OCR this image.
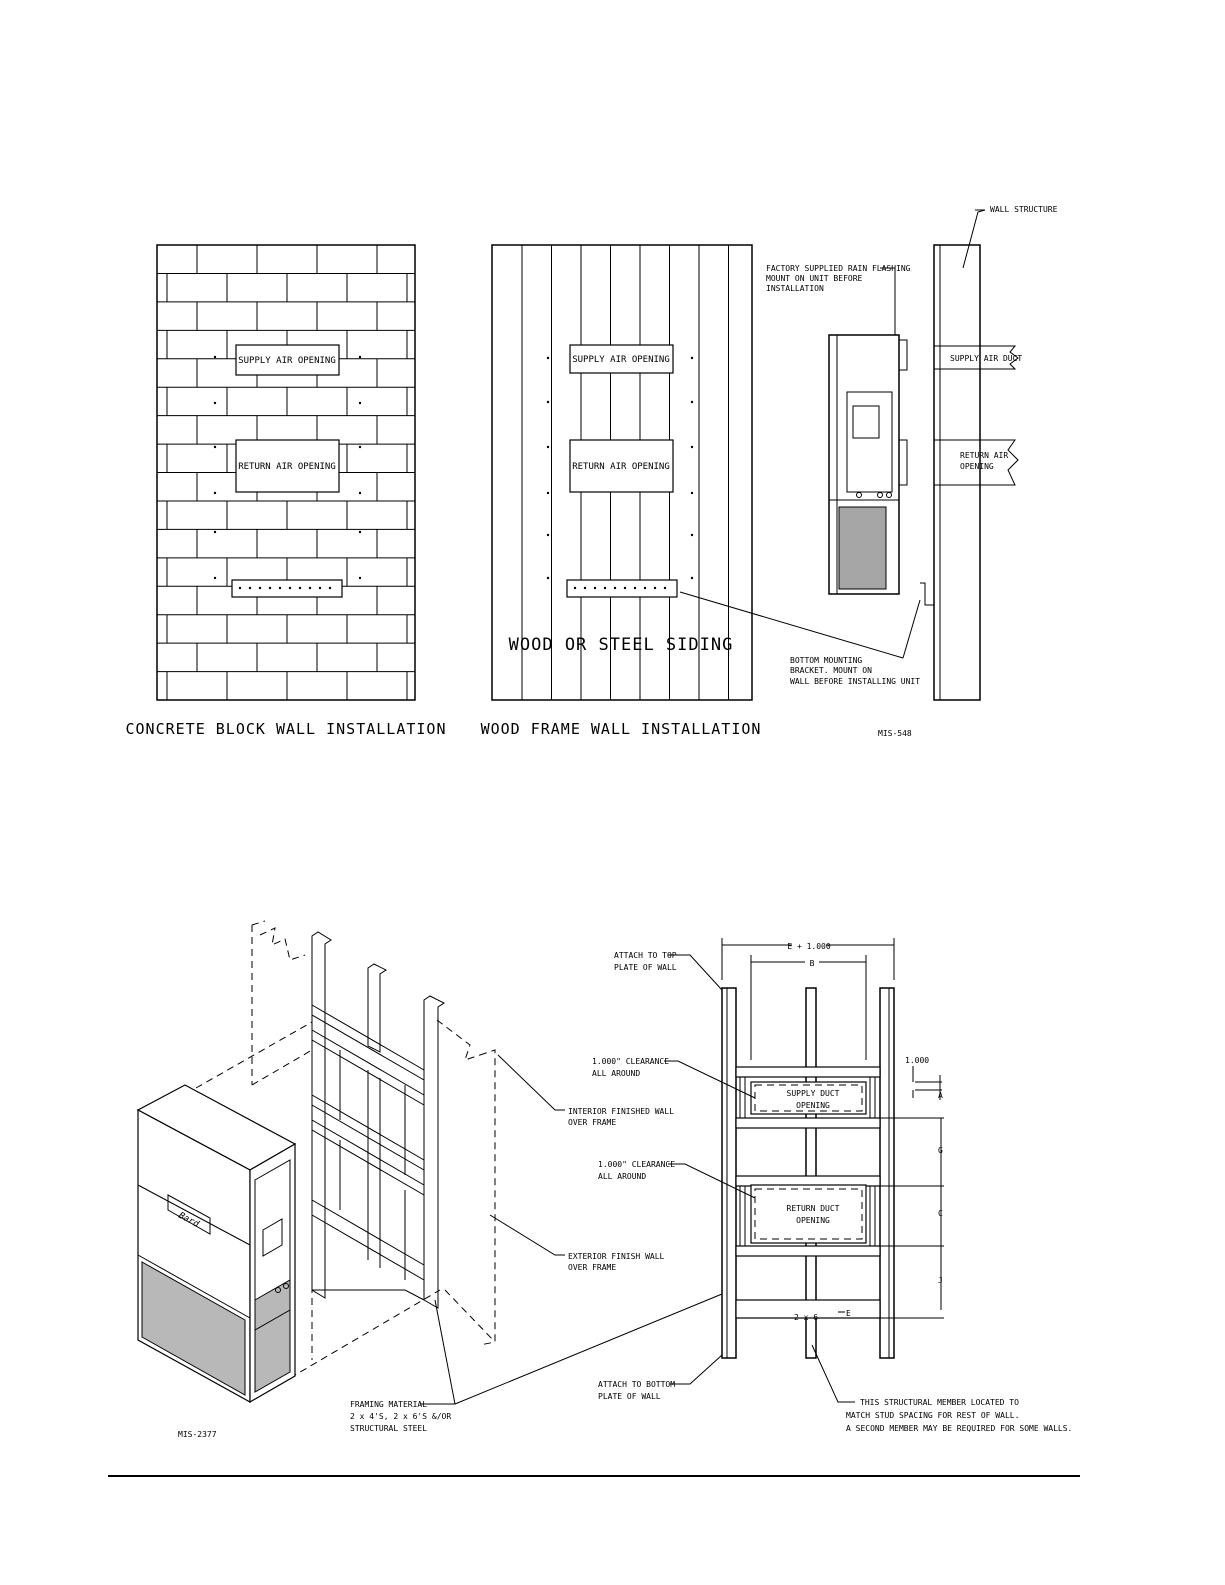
SUPPLY AIR OPENING
RETURN AIR OPENING
CONCRETE BLOCK WALL INSTALLATION
SUPPLY AIR OPENING
RETURN AIR OPENING
WOOD OR STEEL SIDING
WOOD FRAME WALL INSTALLATION
SUPPLY AIR DUCT
RETURN AIR
OPENING
WALL STRUCTURE
FACTORY SUPPLIED RAIN FLASHING
MOUNT ON UNIT BEFORE
INSTALLATION
BOTTOM MOUNTING
BRACKET. MOUNT ON
WALL BEFORE INSTALLING UNIT
MIS-548
Bard
INTERIOR FINISHED WALL
OVER FRAME
EXTERIOR FINISH WALL
OVER FRAME
FRAMING MATERIAL
2 x 4'S, 2 x 6'S &/OR
STRUCTURAL STEEL
MIS-2377
SUPPLY DUCT
OPENING
RETURN DUCT
OPENING
2 x 6	E
E + 1.000
B
1.000
A
G
C
J
ATTACH TO TOP
PLATE OF WALL
1.000" CLEARANCE
ALL AROUND
1.000" CLEARANCE
ALL AROUND
ATTACH TO BOTTOM
PLATE OF WALL
THIS STRUCTURAL MEMBER LOCATED TO
MATCH STUD SPACING FOR REST OF WALL.
A SECOND MEMBER MAY BE REQUIRED FOR SOME WALLS.
